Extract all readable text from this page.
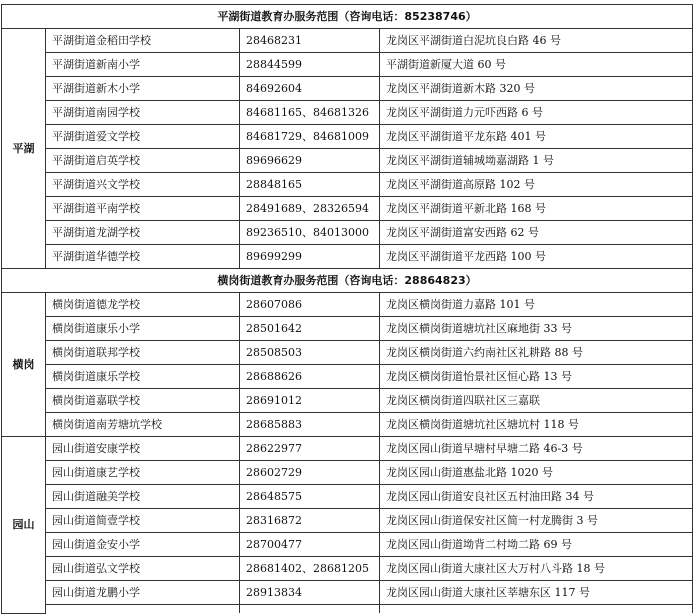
平湖街道教育办服务范围（咨询电话：85238746）			
平湖	平湖街道金稻田学校	28468231	龙岗区平湖街道白泥坑良白路 46 号
	平湖街道新南小学	28844599	平湖街道新厦大道 60 号
	平湖街道新木小学	84692604	龙岗区平湖街道新木路 320 号
	平湖街道南园学校	84681165、84681326	龙岗区平湖街道力元吓西路 6 号
	平湖街道爱文学校	84681729、84681009	龙岗区平湖街道平龙东路 401 号
	平湖街道启英学校	89696629	龙岗区平湖街道辅城坳嘉湖路 1 号
	平湖街道兴文学校	28848165	龙岗区平湖街道高原路 102 号
	平湖街道平南学校	28491689、28326594	龙岗区平湖街道平新北路 168 号
	平湖街道龙湖学校	89236510、84013000	龙岗区平湖街道富安西路 62 号
	平湖街道华德学校	89699299	龙岗区平湖街道平龙西路 100 号
横岗街道教育办服务范围（咨询电话：28864823）			
横岗	横岗街道德龙学校	28607086	龙岗区横岗街道力嘉路 101 号
	横岗街道康乐小学	28501642	龙岗区横岗街道塘坑社区麻地街 33 号
	横岗街道联邦学校	28508503	龙岗区横岗街道六约南社区礼耕路 88 号
	横岗街道康乐学校	28688626	龙岗区横岗街道怡景社区恒心路 13 号
	横岗街道嘉联学校	28691012	龙岗区横岗街道四联社区三嘉联
	横岗街道南芳塘坑学校	28685883	龙岗区横岗街道塘坑社区塘坑村 118 号
园山	园山街道安康学校	28622977	龙岗区园山街道早塘村早塘二路 46-3 号
	园山街道康艺学校	28602729	龙岗区园山街道惠盐北路 1020 号
	园山街道融美学校	28648575	龙岗区园山街道安良社区五村油田路 34 号
	园山街道简壹学校	28316872	龙岗区园山街道保安社区简一村龙腾街 3 号
	园山街道金安小学	28700477	龙岗区园山街道坳背二村坳二路 69 号
	园山街道弘文学校	28681402、28681205	龙岗区园山街道大康社区大万村八斗路 18 号
	园山街道龙鹏小学	28913834	龙岗区园山街道大康社区莘塘东区 117 号
